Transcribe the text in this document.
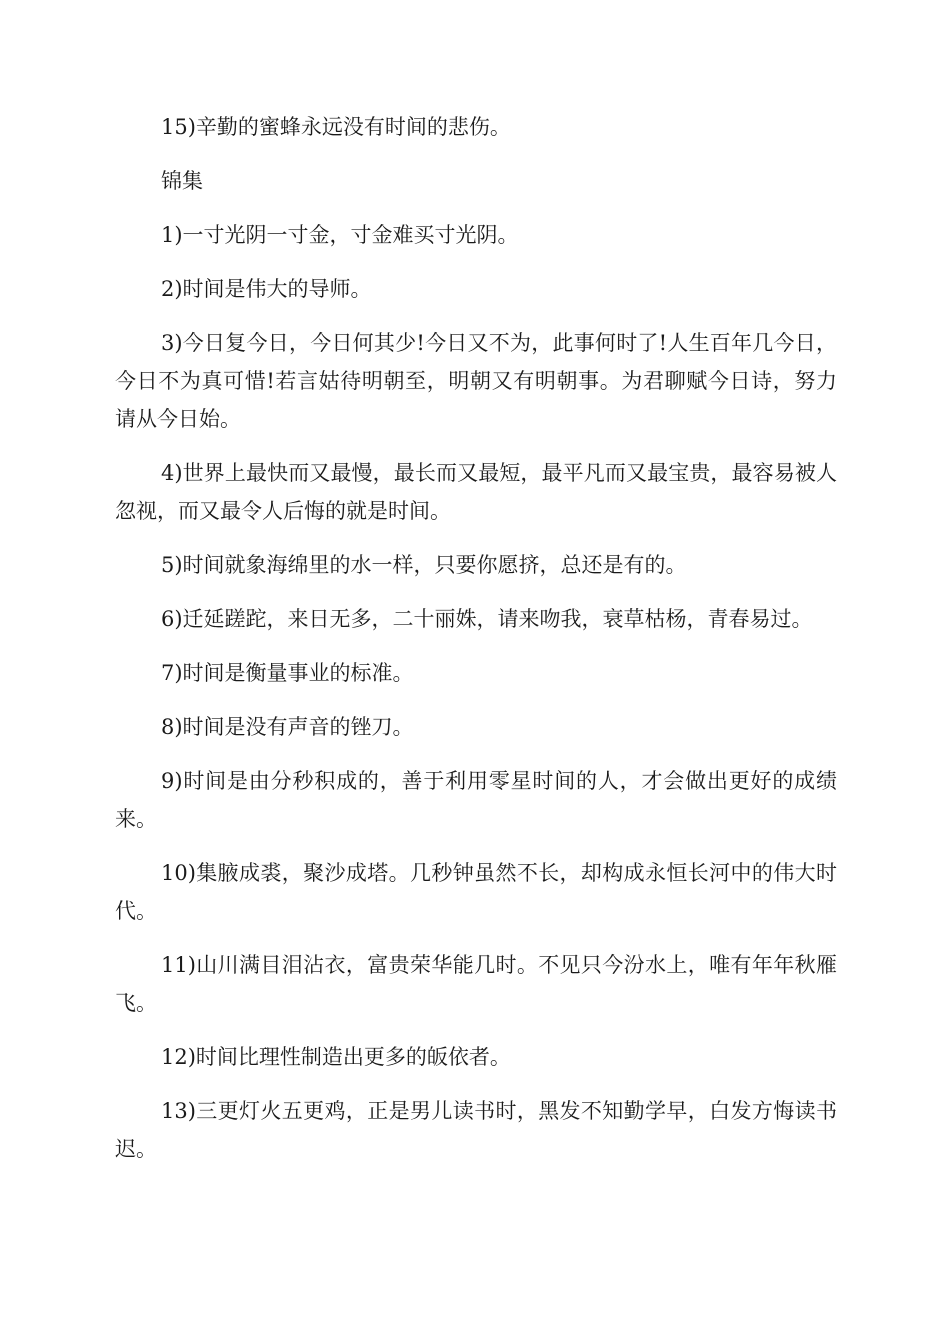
15)辛勤的蜜蜂永远没有时间的悲伤。

锦集

1)一寸光阴一寸金，寸金难买寸光阴。

2)时间是伟大的导师。

3)今日复今日，今日何其少!今日又不为，此事何时了!人生百年几今日，今日不为真可惜!若言姑待明朝至，明朝又有明朝事。为君聊赋今日诗，努力请从今日始。

4)世界上最快而又最慢，最长而又最短，最平凡而又最宝贵，最容易被人忽视，而又最令人后悔的就是时间。

5)时间就象海绵里的水一样，只要你愿挤，总还是有的。

6)迁延蹉跎，来日无多，二十丽姝，请来吻我，衰草枯杨，青春易过。

7)时间是衡量事业的标准。

8)时间是没有声音的锉刀。

9)时间是由分秒积成的，善于利用零星时间的人，才会做出更好的成绩来。

10)集腋成裘，聚沙成塔。几秒钟虽然不长，却构成永恒长河中的伟大时代。

11)山川满目泪沾衣，富贵荣华能几时。不见只今汾水上，唯有年年秋雁飞。

12)时间比理性制造出更多的皈依者。

13)三更灯火五更鸡，正是男儿读书时，黑发不知勤学早，白发方悔读书迟。
